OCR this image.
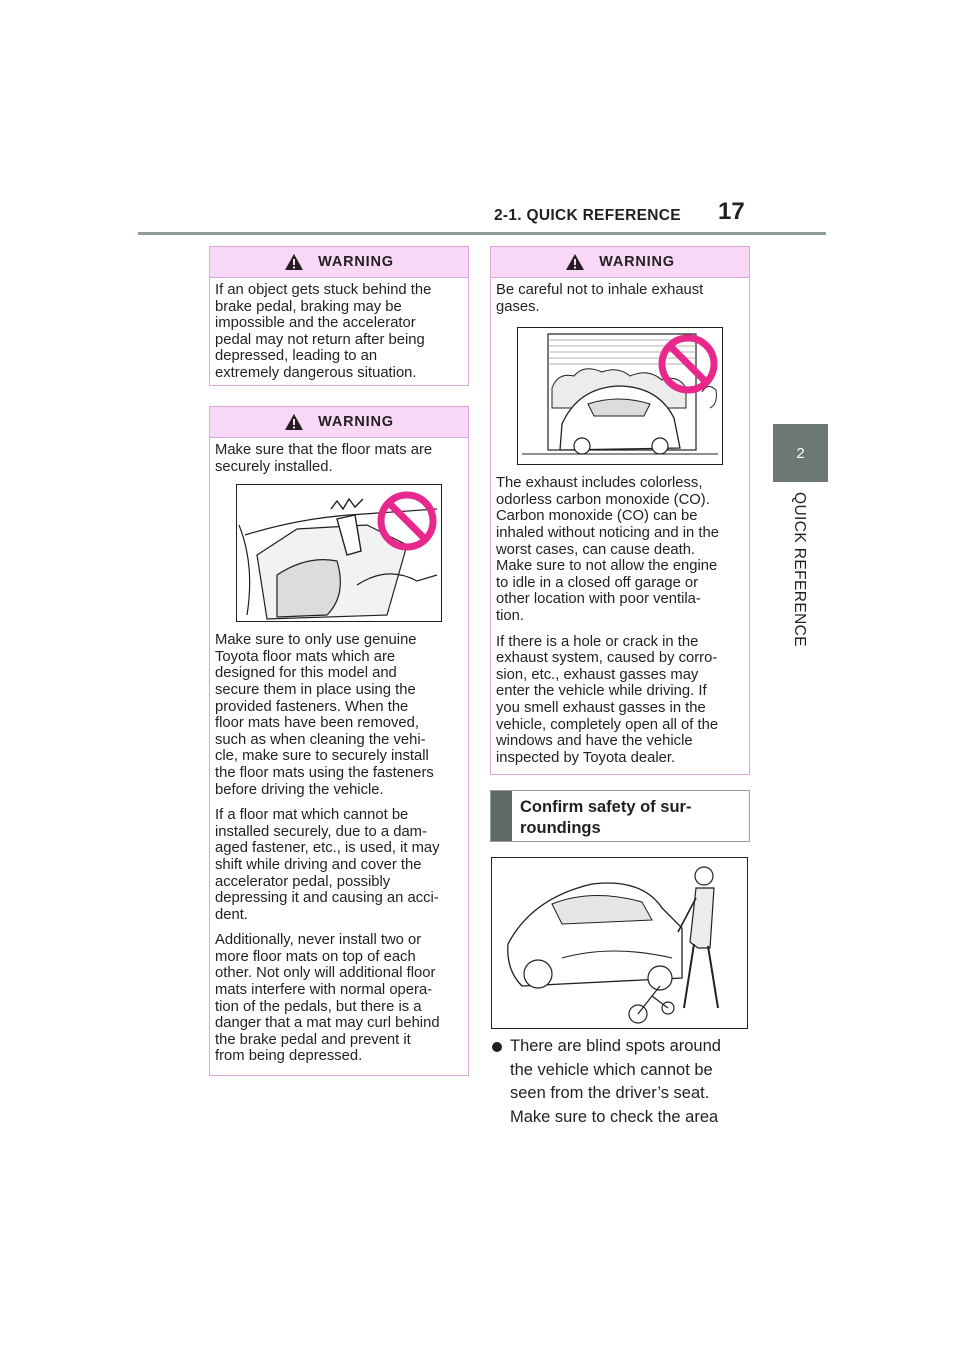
2-1. QUICK REFERENCE 17
2
QUICK REFERENCE
WARNING

If an object gets stuck behind the
brake pedal, braking may be
impossible and the accelerator
pedal may not return after being
depressed, leading to an
extremely dangerous situation.

WARNING

Make sure that the floor mats are
securely installed.

Make sure to only use genuine
Toyota floor mats which are
designed for this model and
secure them in place using the
provided fasteners. When the
floor mats have been removed,
such as when cleaning the vehi-
cle, make sure to securely install
the floor mats using the fasteners
before driving the vehicle.

If a floor mat which cannot be
installed securely, due to a dam-
aged fastener, etc., is used, it may
shift while driving and cover the
accelerator pedal, possibly
depressing it and causing an acci-
dent.

Additionally, never install two or
more floor mats on top of each
other. Not only will additional floor
mats interfere with normal opera-
tion of the pedals, but there is a
danger that a mat may curl behind
the brake pedal and prevent it
from being depressed.

WARNING

Be careful not to inhale exhaust
gases.

The exhaust includes colorless,
odorless carbon monoxide (CO).
Carbon monoxide (CO) can be
inhaled without noticing and in the
worst cases, can cause death.
Make sure to not allow the engine
to idle in a closed off garage or
other location with poor ventila-
tion.

If there is a hole or crack in the
exhaust system, caused by corro-
sion, etc., exhaust gasses may
enter the vehicle while driving. If
you smell exhaust gasses in the
vehicle, completely open all of the
windows and have the vehicle
inspected by Toyota dealer.

Confirm safety of sur-
roundings
There are blind spots around
the vehicle which cannot be
seen from the driver’s seat.
Make sure to check the area
